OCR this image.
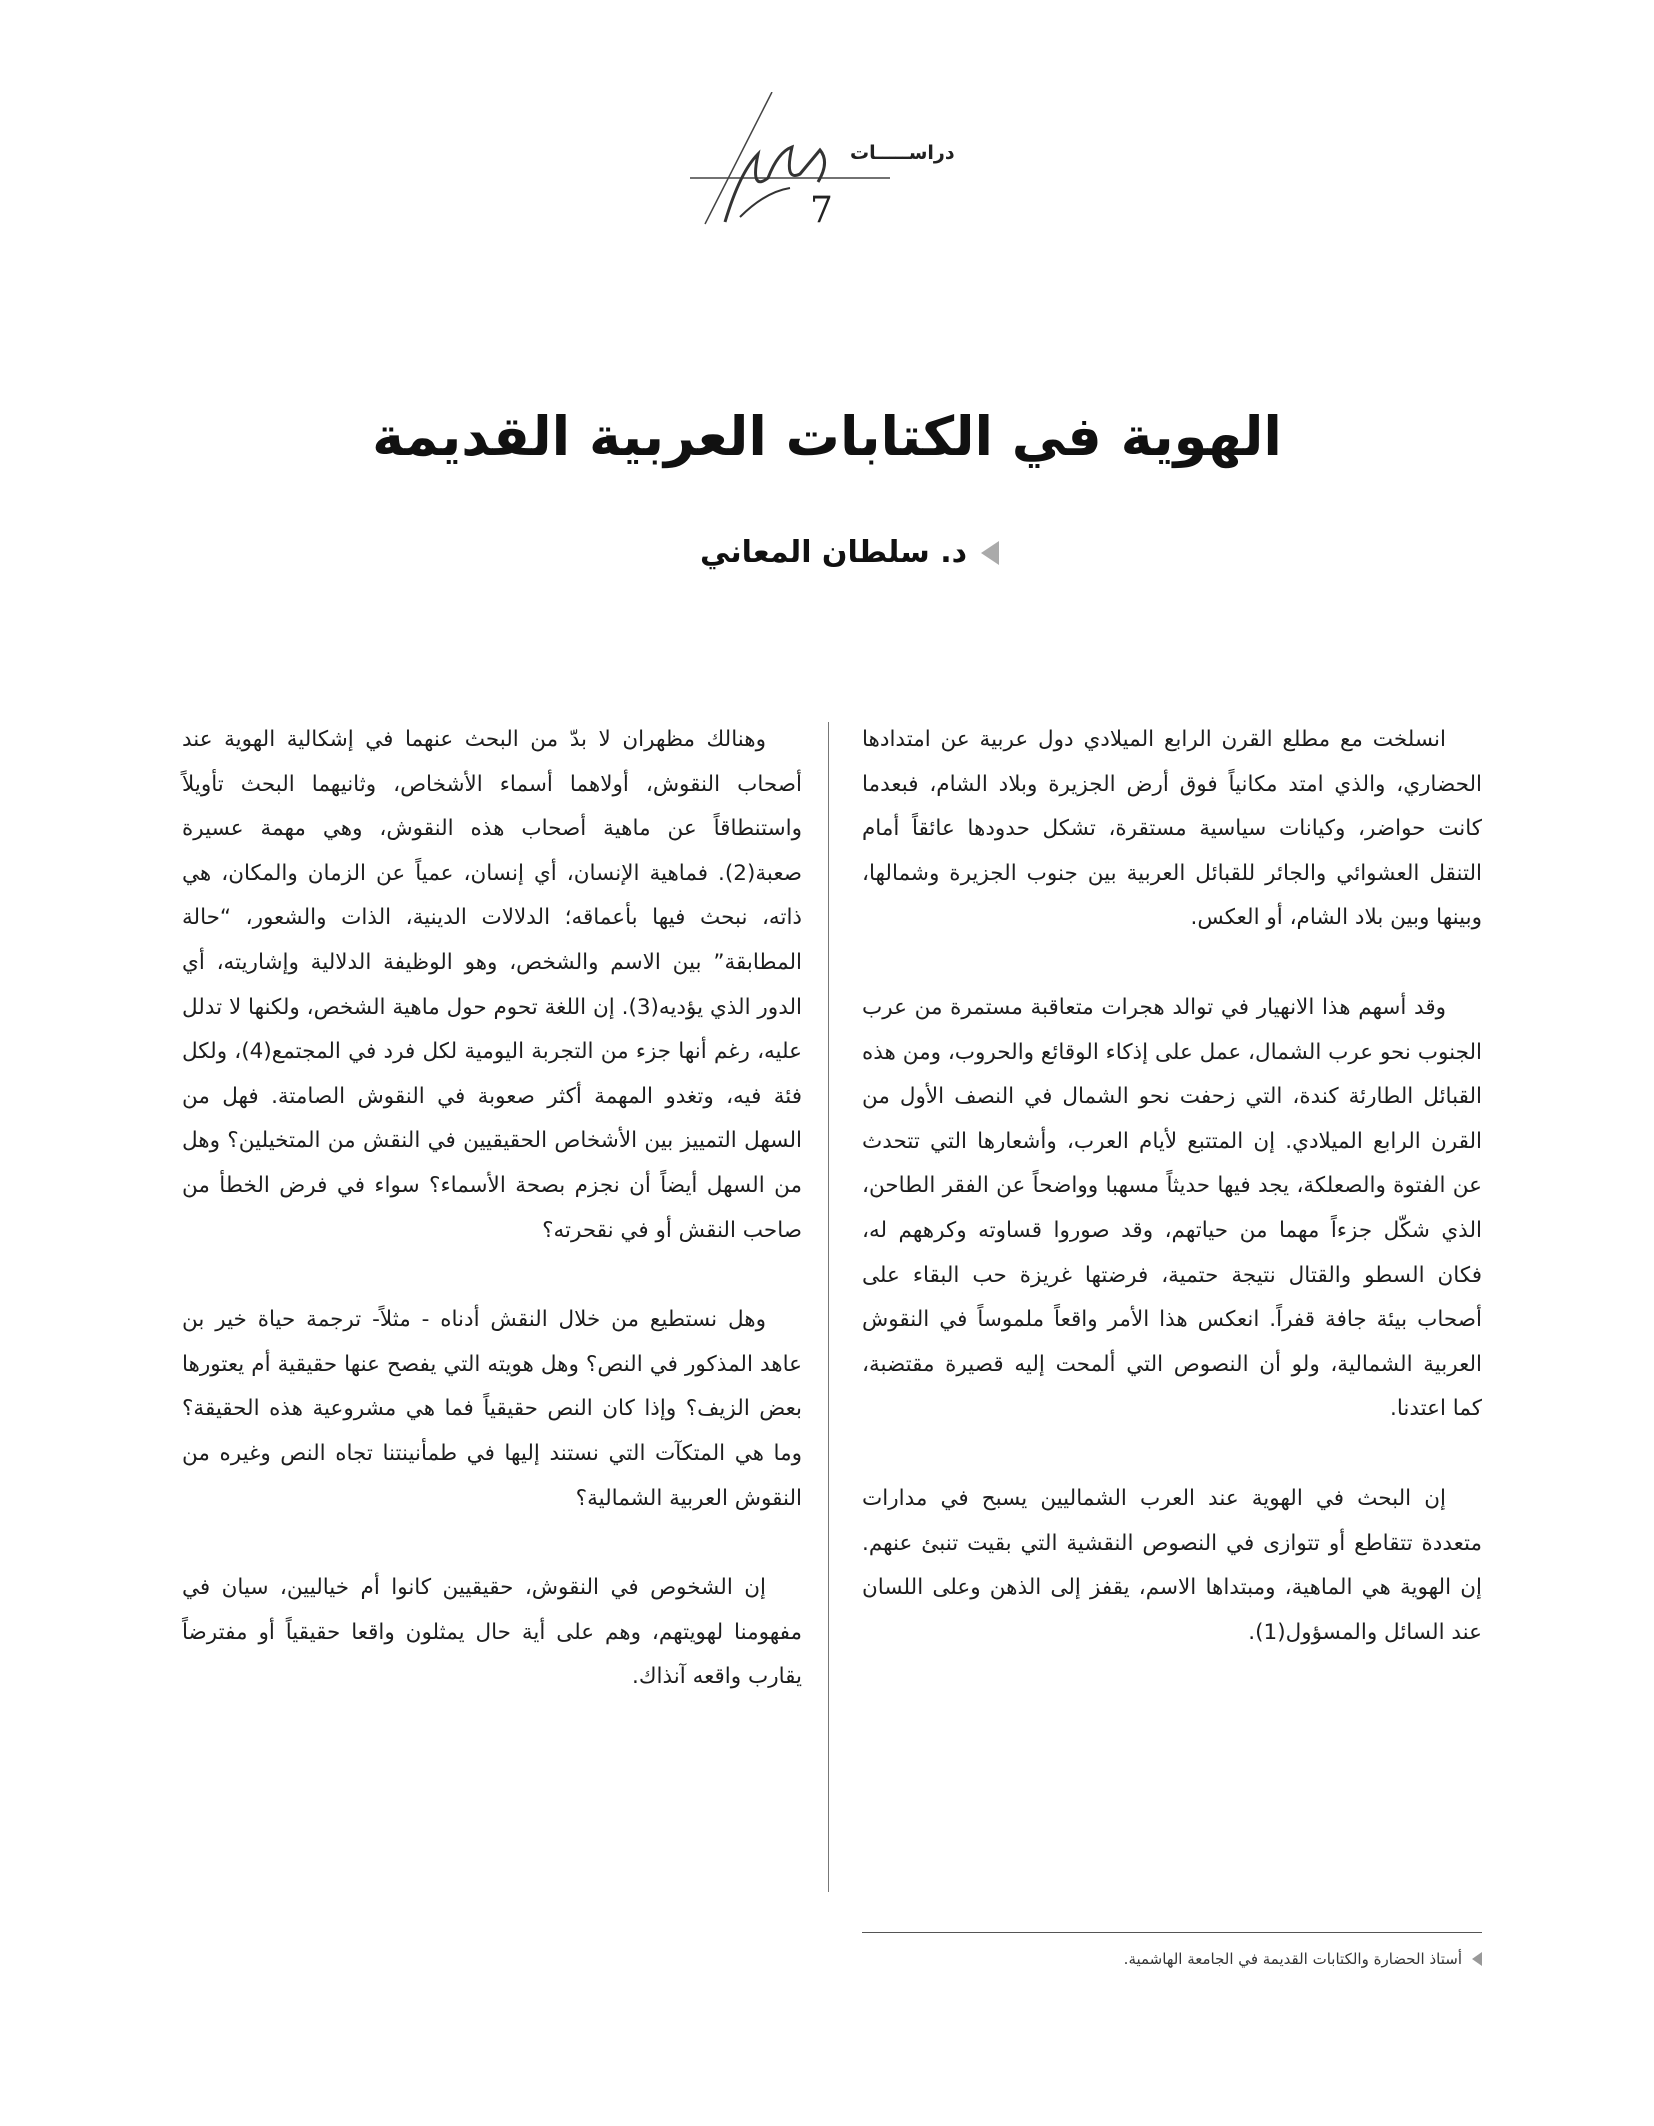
دراســـــات
7
الهوية في الكتابات العربية القديمة
د. سلطان المعاني

انسلخت مع مطلع القرن الرابع الميلادي دول عربية عن امتدادها الحضاري، والذي امتد مكانياً فوق أرض الجزيرة وبلاد الشام، فبعدما كانت حواضر، وكيانات سياسية مستقرة، تشكل حدودها عائقاً أمام التنقل العشوائي والجائر للقبائل العربية بين جنوب الجزيرة وشمالها، وبينها وبين بلاد الشام، أو العكس.

وقد أسهم هذا الانهيار في توالد هجرات متعاقبة مستمرة من عرب الجنوب نحو عرب الشمال، عمل على إذكاء الوقائع والحروب، ومن هذه القبائل الطارئة كندة، التي زحفت نحو الشمال في النصف الأول من القرن الرابع الميلادي. إن المتتبع لأيام العرب، وأشعارها التي تتحدث عن الفتوة والصعلكة، يجد فيها حديثاً مسهبا وواضحاً عن الفقر الطاحن، الذي شكّل جزءاً مهما من حياتهم، وقد صوروا قساوته وكرههم له، فكان السطو والقتال نتيجة حتمية، فرضتها غريزة حب البقاء على أصحاب بيئة جافة قفراً. انعكس هذا الأمر واقعاً ملموساً في النقوش العربية الشمالية، ولو أن النصوص التي ألمحت إليه قصيرة مقتضبة، كما اعتدنا.

إن البحث في الهوية عند العرب الشماليين يسبح في مدارات متعددة تتقاطع أو تتوازى في النصوص النقشية التي بقيت تنبئ عنهم. إن الهوية هي الماهية، ومبتداها الاسم، يقفز إلى الذهن وعلى اللسان عند السائل والمسؤول(1).

وهنالك مظهران لا بدّ من البحث عنهما في إشكالية الهوية عند أصحاب النقوش، أولاهما أسماء الأشخاص، وثانيهما البحث تأويلاً واستنطاقاً عن ماهية أصحاب هذه النقوش، وهي مهمة عسيرة صعبة(2). فماهية الإنسان، أي إنسان، عمياً عن الزمان والمكان، هي ذاته، نبحث فيها بأعماقه؛ الدلالات الدينية، الذات والشعور، “حالة المطابقة” بين الاسم والشخص، وهو الوظيفة الدلالية وإشاريته، أي الدور الذي يؤديه(3). إن اللغة تحوم حول ماهية الشخص، ولكنها لا تدلل عليه، رغم أنها جزء من التجربة اليومية لكل فرد في المجتمع(4)، ولكل فئة فيه، وتغدو المهمة أكثر صعوبة في النقوش الصامتة. فهل من السهل التمييز بين الأشخاص الحقيقيين في النقش من المتخيلين؟ وهل من السهل أيضاً أن نجزم بصحة الأسماء؟ سواء في فرض الخطأ من صاحب النقش أو في نقحرته؟

وهل نستطيع من خلال النقش أدناه - مثلاً- ترجمة حياة خير بن عاهد المذكور في النص؟ وهل هويته التي يفصح عنها حقيقية أم يعتورها بعض الزيف؟ وإذا كان النص حقيقياً فما هي مشروعية هذه الحقيقة؟ وما هي المتكآت التي نستند إليها في طمأنينتنا تجاه النص وغيره من النقوش العربية الشمالية؟

إن الشخوص في النقوش، حقيقيين كانوا أم خياليين، سيان في مفهومنا لهويتهم، وهم على أية حال يمثلون واقعا حقيقياً أو مفترضاً يقارب واقعه آنذاك.

أستاذ الحضارة والكتابات القديمة في الجامعة الهاشمية.
